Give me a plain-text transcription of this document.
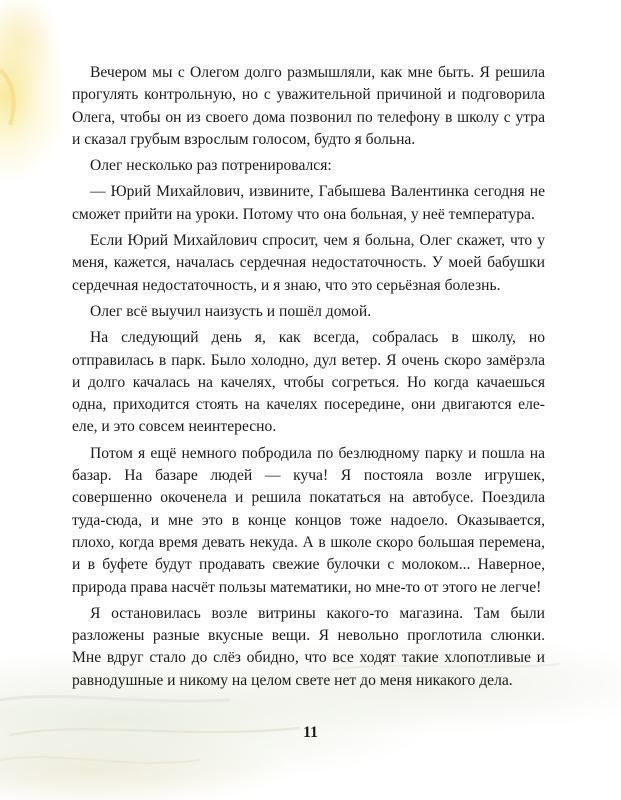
Вечером мы с Олегом долго размышляли, как мне быть. Я решила прогулять контрольную, но с уважительной причиной и подговорила Олега, чтобы он из своего дома позвонил по телефону в школу с утра и сказал грубым взрослым голосом, будто я больна.

Олег несколько раз потренировался:

— Юрий Михайлович, извините, Габышева Валентинка сегодня не сможет прийти на уроки. Потому что она больная, у неё температура.

Если Юрий Михайлович спросит, чем я больна, Олег скажет, что у меня, кажется, началась сердечная недостаточность. У моей бабушки сердечная недостаточность, и я знаю, что это серьёзная болезнь.

Олег всё выучил наизусть и пошёл домой.

На следующий день я, как всегда, собралась в школу, но отправилась в парк. Было холодно, дул ветер. Я очень скоро замёрзла и долго качалась на качелях, чтобы согреться. Но когда качаешься одна, приходится стоять на качелях посередине, они двигаются еле-еле, и это совсем неинтересно.

Потом я ещё немного побродила по безлюдному парку и пошла на базар. На базаре людей — куча! Я постояла возле игрушек, совершенно окоченела и решила покататься на автобусе. Поездила туда-сюда, и мне это в конце концов тоже надоело. Оказывается, плохо, когда время девать некуда. А в школе скоро большая перемена, и в буфете будут продавать свежие булочки с молоком... Наверное, природа права насчёт пользы математики, но мне-то от этого не легче!

Я остановилась возле витрины какого-то магазина. Там были разложены разные вкусные вещи. Я невольно проглотила слюнки. Мне вдруг стало до слёз обидно, что все ходят такие хлопотливые и равнодушные и никому на целом свете нет до меня никакого дела.

11
